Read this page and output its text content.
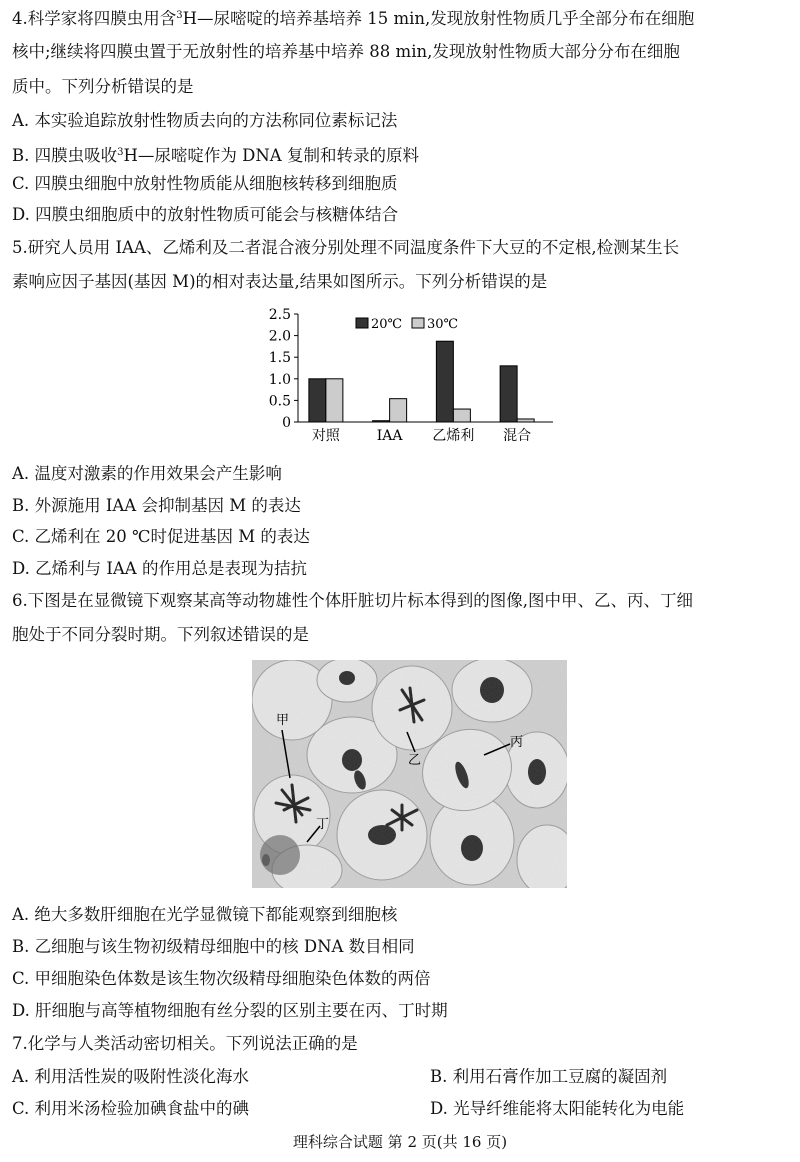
4.科学家将四膜虫用含$^3$H—尿嘧啶的培养基培养 15 min,发现放射性物质几乎全部分布在细胞
核中;继续将四膜虫置于无放射性的培养基中培养 88 min,发现放射性物质大部分分布在细胞
质中。下列分析错误的是
A. 本实验追踪放射性物质去向的方法称同位素标记法
B. 四膜虫吸收$^3$H—尿嘧啶作为 DNA 复制和转录的原料
C. 四膜虫细胞中放射性物质能从细胞核转移到细胞质
D. 四膜虫细胞质中的放射性物质可能会与核糖体结合
5.研究人员用 IAA、乙烯利及二者混合液分别处理不同温度条件下大豆的不定根,检测某生长
素响应因子基因(基因 M)的相对表达量,结果如图所示。下列分析错误的是
0
0.5
1.0
1.5
2.0
2.5
对照	IAA 乙烯利 混合
20℃ 30℃
A. 温度对激素的作用效果会产生影响
B. 外源施用 IAA 会抑制基因 M 的表达
C. 乙烯利在 20 ℃时促进基因 M 的表达
D. 乙烯利与 IAA 的作用总是表现为拮抗
6.下图是在显微镜下观察某高等动物雄性个体肝脏切片标本得到的图像,图中甲、乙、丙、丁细
胞处于不同分裂时期。下列叙述错误的是
甲
乙
丙
丁
A. 绝大多数肝细胞在光学显微镜下都能观察到细胞核
B. 乙细胞与该生物初级精母细胞中的核 DNA 数目相同
C. 甲细胞染色体数是该生物次级精母细胞染色体数的两倍
D. 肝细胞与高等植物细胞有丝分裂的区别主要在丙、丁时期
7.化学与人类活动密切相关。下列说法正确的是
A. 利用活性炭的吸附性淡化海水	B. 利用石膏作加工豆腐的凝固剂
C. 利用米汤检验加碘食盐中的碘	D. 光导纤维能将太阳能转化为电能
理科综合试题 第 2 页(共 16 页)
